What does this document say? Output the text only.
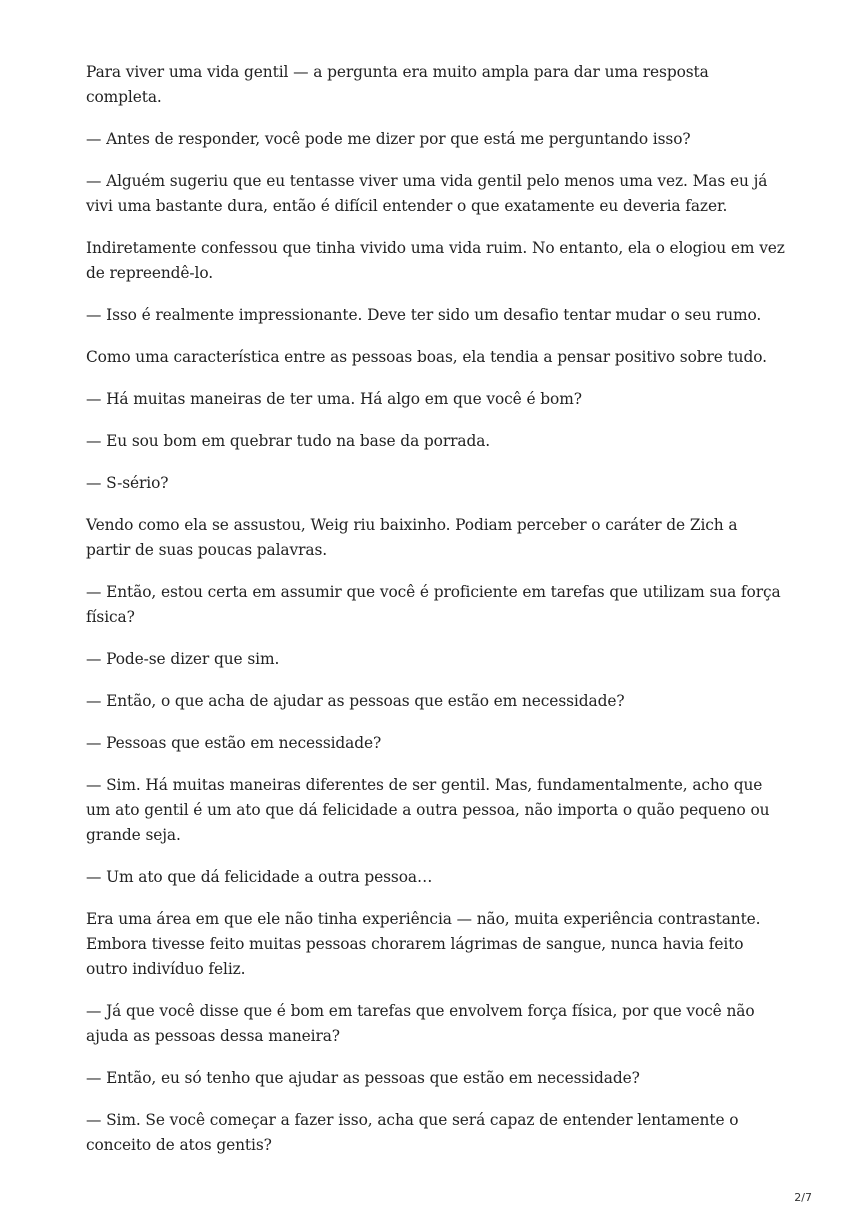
Para viver uma vida gentil — a pergunta era muito ampla para dar uma resposta completa.

— Antes de responder, você pode me dizer por que está me perguntando isso?

— Alguém sugeriu que eu tentasse viver uma vida gentil pelo menos uma vez. Mas eu já vivi uma bastante dura, então é difícil entender o que exatamente eu deveria fazer.

Indiretamente confessou que tinha vivido uma vida ruim. No entanto, ela o elogiou em vez de repreendê-lo.

— Isso é realmente impressionante. Deve ter sido um desafio tentar mudar o seu rumo.

Como uma característica entre as pessoas boas, ela tendia a pensar positivo sobre tudo.

— Há muitas maneiras de ter uma. Há algo em que você é bom?

— Eu sou bom em quebrar tudo na base da porrada.

— S-sério?

Vendo como ela se assustou, Weig riu baixinho. Podiam perceber o caráter de Zich a partir de suas poucas palavras.

— Então, estou certa em assumir que você é proficiente em tarefas que utilizam sua força física?

— Pode-se dizer que sim.

— Então, o que acha de ajudar as pessoas que estão em necessidade?

— Pessoas que estão em necessidade?

— Sim. Há muitas maneiras diferentes de ser gentil. Mas, fundamentalmente, acho que um ato gentil é um ato que dá felicidade a outra pessoa, não importa o quão pequeno ou grande seja.

— Um ato que dá felicidade a outra pessoa…

Era uma área em que ele não tinha experiência — não, muita experiência contrastante. Embora tivesse feito muitas pessoas chorarem lágrimas de sangue, nunca havia feito outro indivíduo feliz.

— Já que você disse que é bom em tarefas que envolvem força física, por que você não ajuda as pessoas dessa maneira?

— Então, eu só tenho que ajudar as pessoas que estão em necessidade?

— Sim. Se você começar a fazer isso, acha que será capaz de entender lentamente o conceito de atos gentis?

2/7
